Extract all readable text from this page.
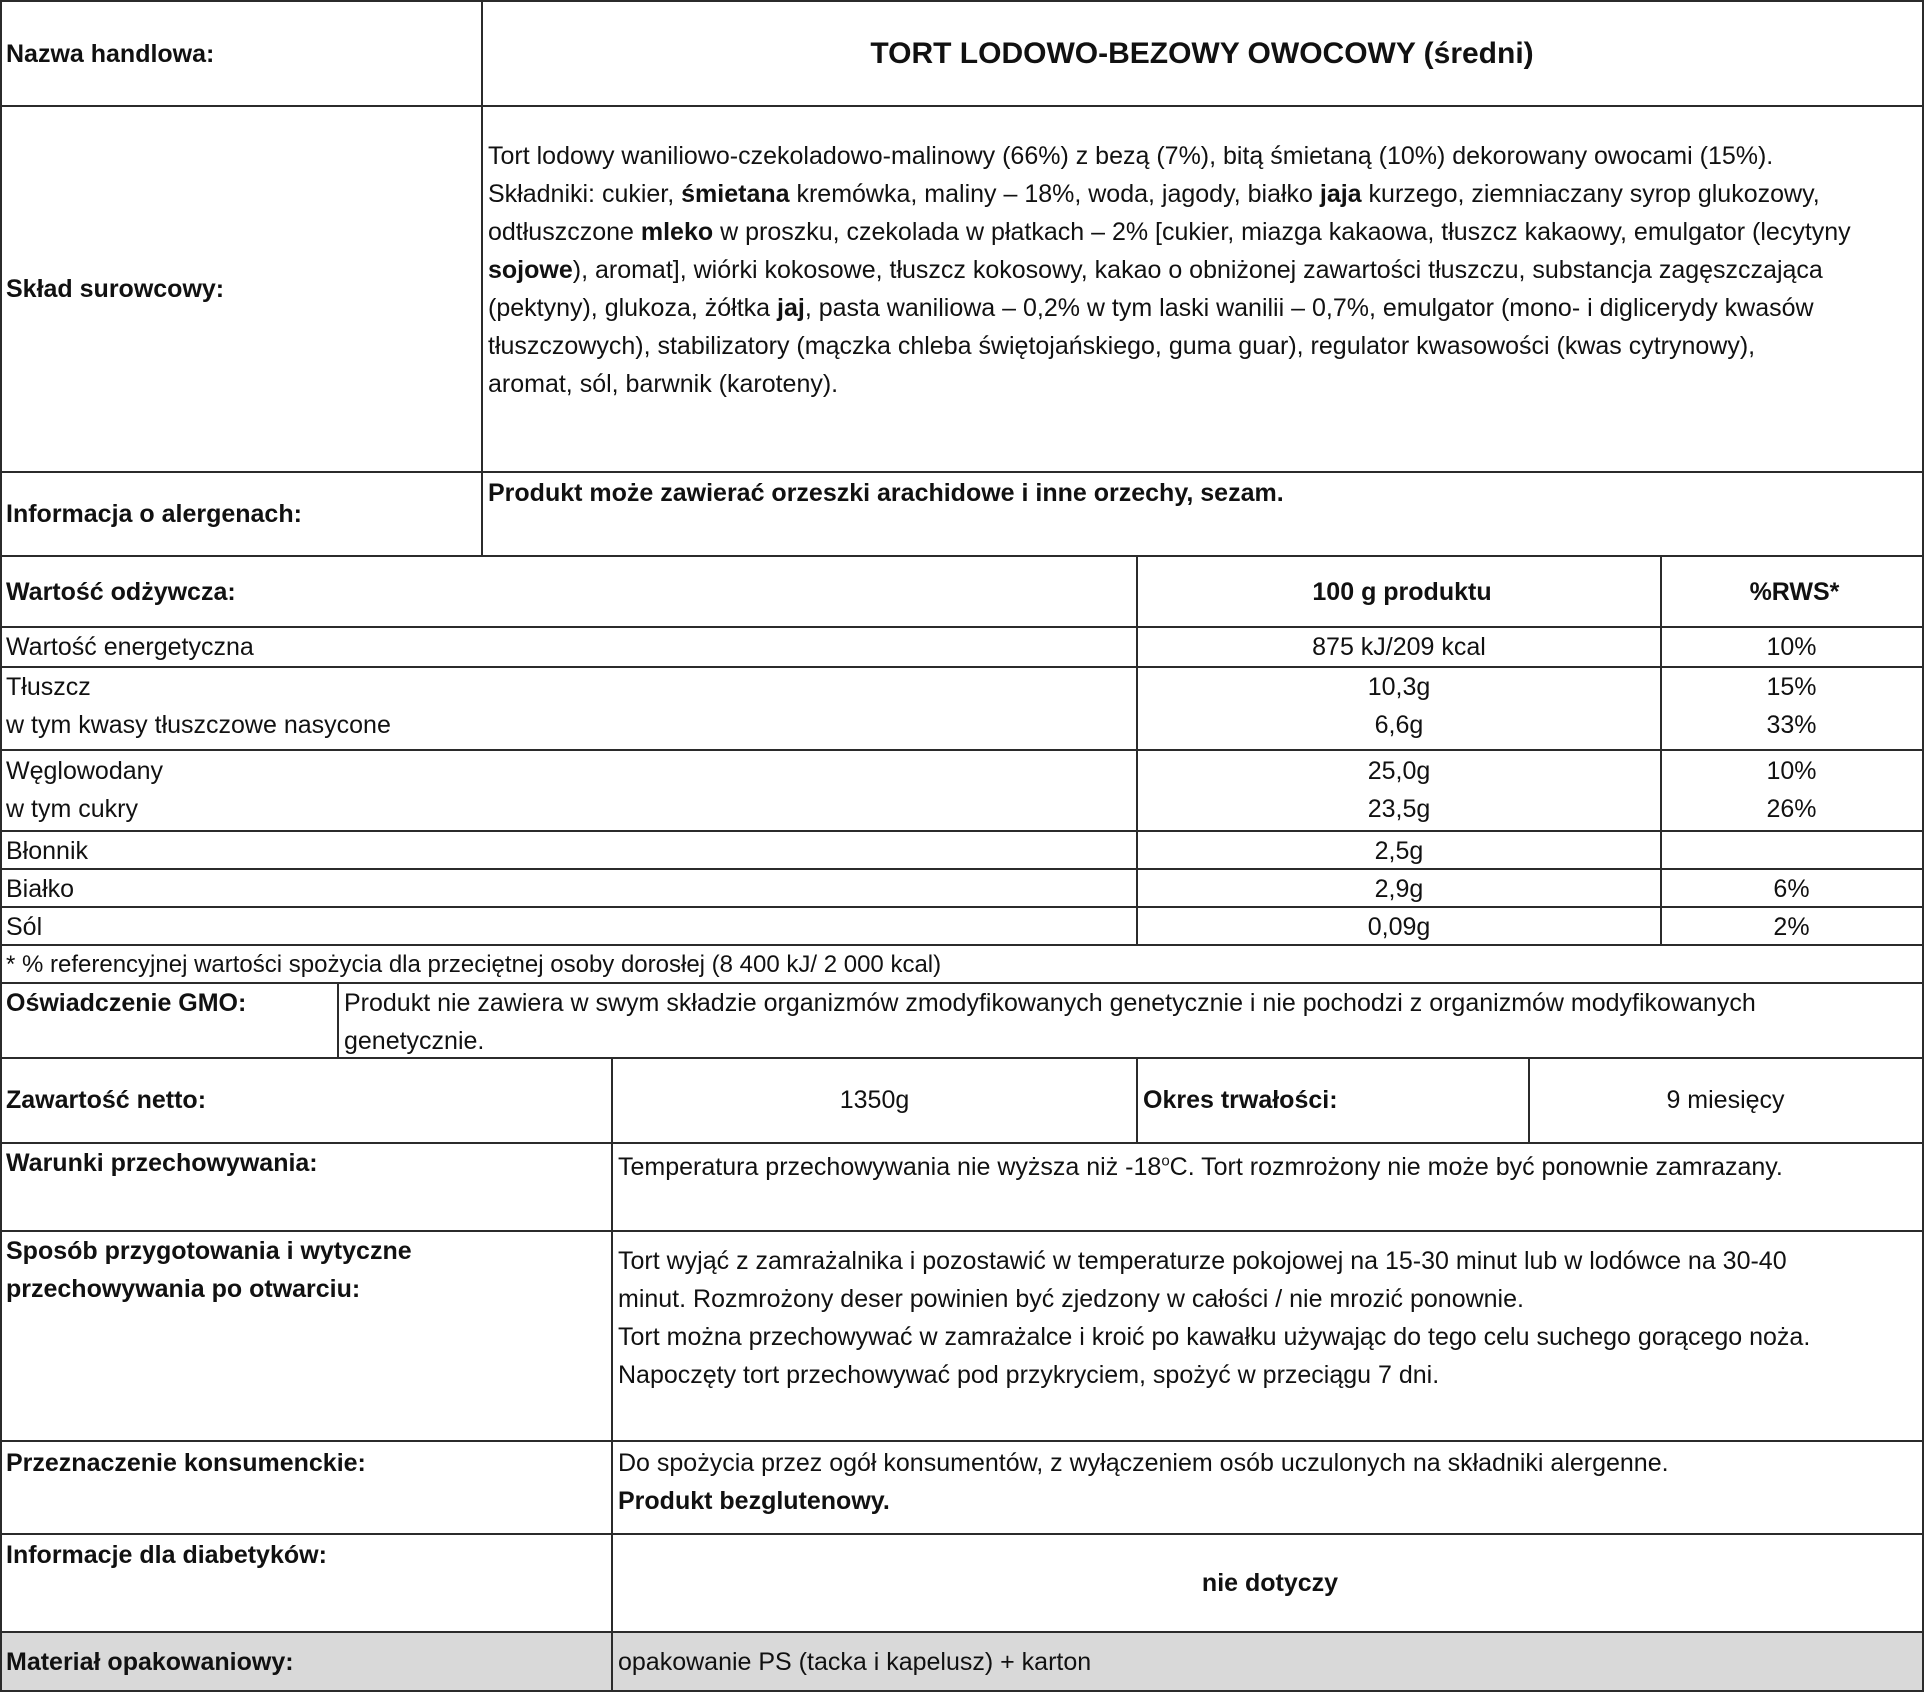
Nazwa handlowa:	TORT LODOWO-BEZOWY OWOCOWY (średni)
Skład surowcowy:
Tort lodowy waniliowo-czekoladowo-malinowy (66%) z bezą (7%), bitą śmietaną (10%) dekorowany owocami (15%).
Składniki: cukier, śmietana kremówka, maliny – 18%, woda, jagody, białko jaja kurzego, ziemniaczany syrop glukozowy,
odtłuszczone mleko w proszku, czekolada w płatkach – 2% [cukier, miazga kakaowa, tłuszcz kakaowy, emulgator (lecytyny
sojowe), aromat], wiórki kokosowe, tłuszcz kokosowy, kakao o obniżonej zawartości tłuszczu, substancja zagęszczająca
(pektyny), glukoza, żółtka jaj, pasta waniliowa – 0,2% w tym laski wanilii – 0,7%, emulgator (mono- i diglicerydy kwasów
tłuszczowych), stabilizatory (mączka chleba świętojańskiego, guma guar), regulator kwasowości (kwas cytrynowy),
aromat, sól, barwnik (karoteny).
Informacja o alergenach:
Produkt może zawierać orzeszki arachidowe i inne orzechy, sezam.
Wartość odżywcza:	100 g produktu	%RWS*
Wartość energetyczna	875 kJ/209 kcal	10%
Tłuszcz	10,3g	15%
w tym kwasy tłuszczowe nasycone	6,6g	33%
Węglowodany	25,0g	10%
w tym cukry	23,5g	26%
Błonnik	2,5g
Białko	2,9g	6%
Sól	0,09g	2%
* % referencyjnej wartości spożycia dla przeciętnej osoby dorosłej (8 400 kJ/ 2 000 kcal)
Oświadczenie GMO:	Produkt nie zawiera w swym składzie organizmów zmodyfikowanych genetycznie i nie pochodzi z organizmów modyfikowanych
genetycznie.
Zawartość netto:	1350g	Okres trwałości:	9 miesięcy
Warunki przechowywania:	Temperatura przechowywania nie wyższa niż -18$^o$C. Tort rozmrożony nie może być ponownie zamrazany.
Sposób przygotowania i wytyczne
przechowywania po otwarciu:
Tort wyjąć z zamrażalnika i pozostawić w temperaturze pokojowej na 15-30 minut lub w lodówce na 30-40
minut. Rozmrożony deser powinien być zjedzony w całości / nie mrozić ponownie.
Tort można przechowywać w zamrażalce i kroić po kawałku używając do tego celu suchego gorącego noża.
Napoczęty tort przechowywać pod przykryciem, spożyć w przeciągu 7 dni.
Przeznaczenie konsumenckie:	Do spożycia przez ogół konsumentów, z wyłączeniem osób uczulonych na składniki alergenne.
Produkt bezglutenowy.
Informacje dla diabetyków:
nie dotyczy
Materiał opakowaniowy:	opakowanie PS (tacka i kapelusz) + karton
